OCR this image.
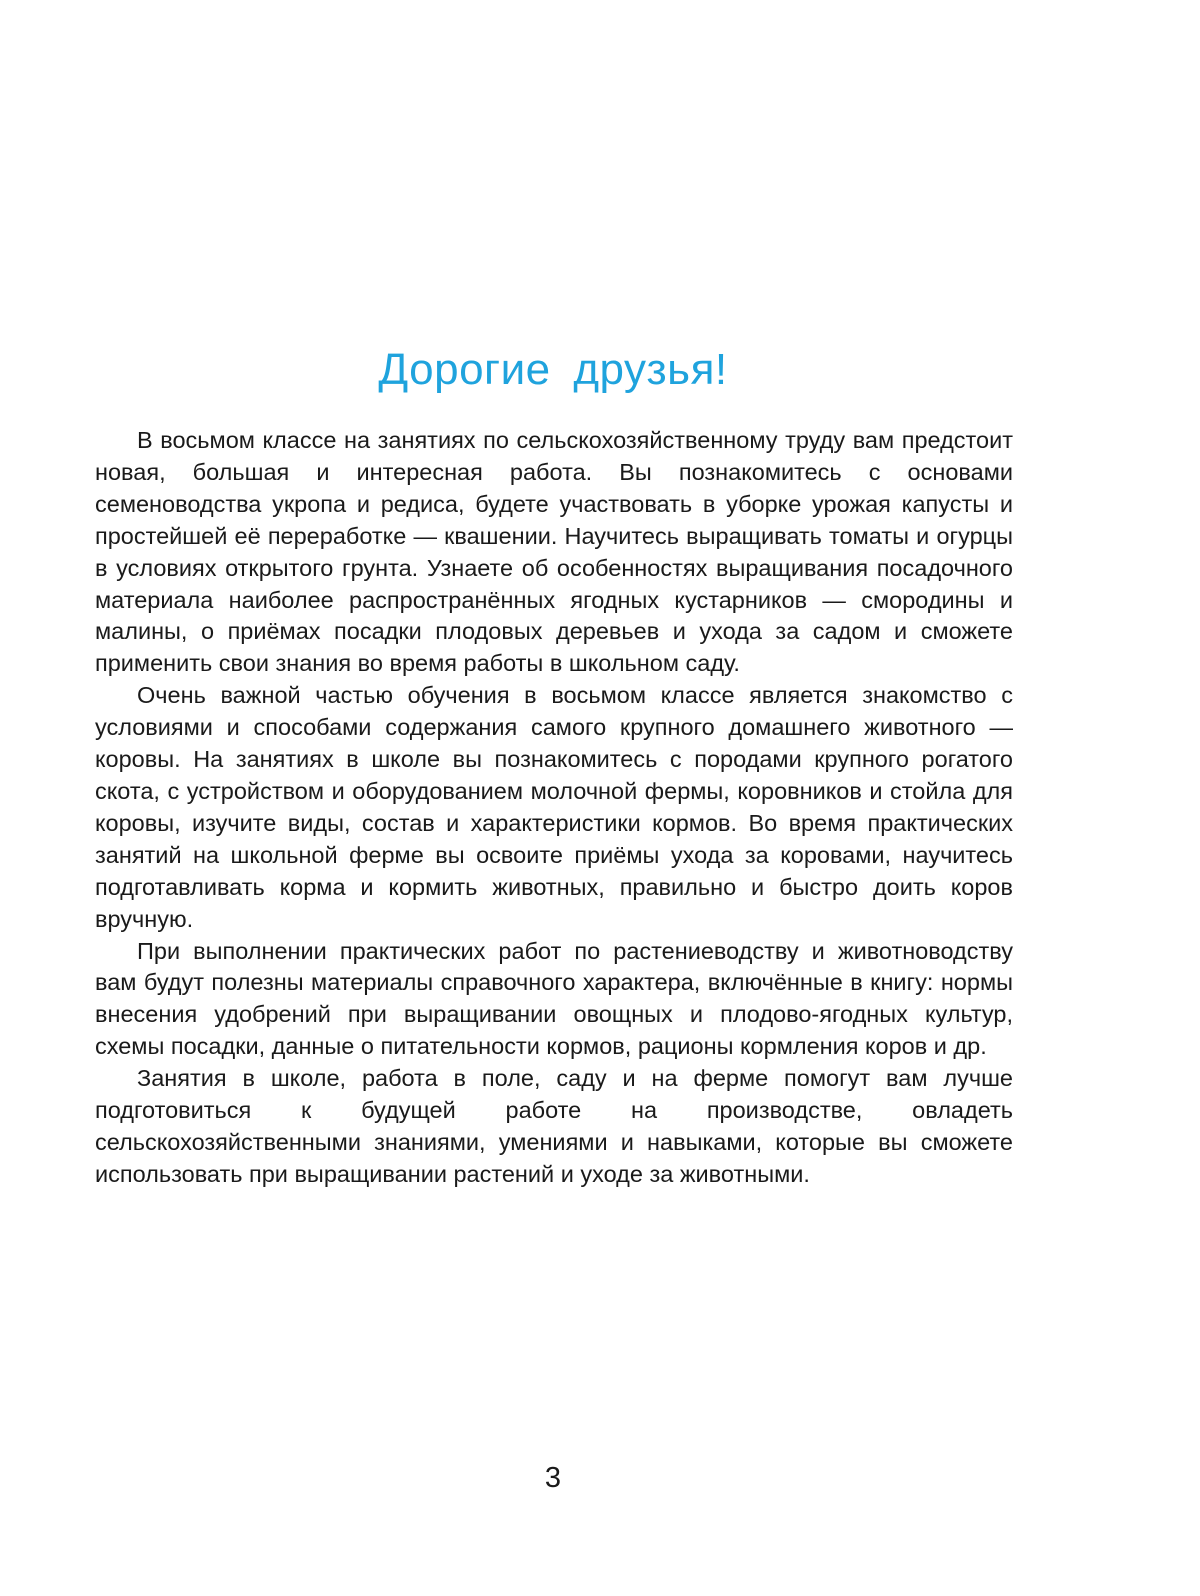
Дорогие друзья!

В восьмом классе на занятиях по сельскохозяйственному труду вам предстоит новая, большая и интересная работа. Вы познакомитесь с основами семеноводства укропа и редиса, будете участвовать в уборке урожая капусты и простейшей её переработке — квашении. Научитесь выращивать томаты и огурцы в условиях открытого грунта. Узнаете об особенностях выращивания посадочного материала наиболее распространённых ягодных кустарников — смородины и малины, о приёмах посадки плодовых деревьев и ухода за садом и сможете применить свои знания во время работы в школьном саду.

Очень важной частью обучения в восьмом классе является знакомство с условиями и способами содержания самого крупного домашнего животного — коровы. На занятиях в школе вы познакомитесь с породами крупного рогатого скота, с устройством и оборудованием молочной фермы, коровников и стойла для коровы, изучите виды, состав и характеристики кормов. Во время практических занятий на школьной ферме вы освоите приёмы ухода за коровами, научитесь подготавливать корма и кормить животных, правильно и быстро доить коров вручную.

При выполнении практических работ по растениеводству и животноводству вам будут полезны материалы справочного характера, включённые в книгу: нормы внесения удобрений при выращивании овощных и плодово-ягодных культур, схемы посадки, данные о питательности кормов, рационы кормления коров и др.

Занятия в школе, работа в поле, саду и на ферме помогут вам лучше подготовиться к будущей работе на производстве, овладеть сельскохозяйственными знаниями, умениями и навыками, которые вы сможете использовать при выращивании растений и уходе за животными.

3
